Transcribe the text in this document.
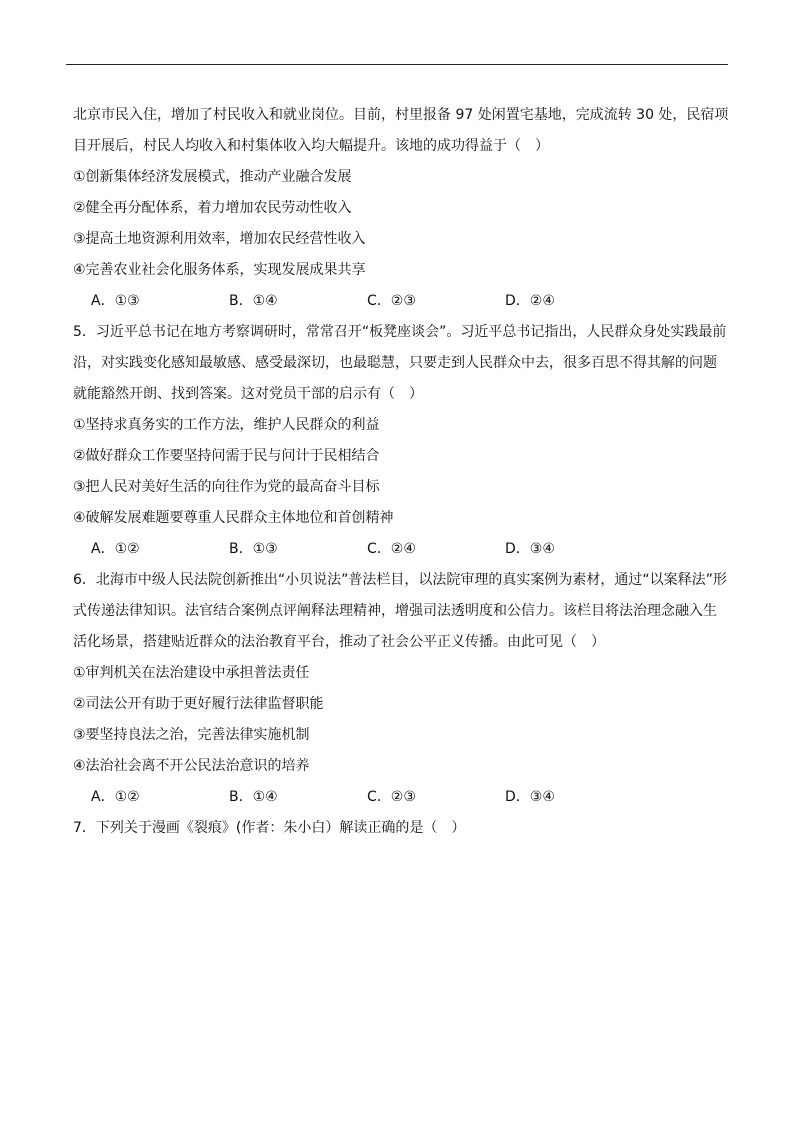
北京市民入住，增加了村民收入和就业岗位。目前，村里报备 97 处闲置宅基地，完成流转 30 处，民宿项
目开展后，村民人均收入和村集体收入均大幅提升。该地的成功得益于（　）
①创新集体经济发展模式，推动产业融合发展
②健全再分配体系，着力增加农民劳动性收入
③提高土地资源利用效率，增加农民经营性收入
④完善农业社会化服务体系，实现发展成果共享
A．①③	B．①④	C．②③	D．②④
5．习近平总书记在地方考察调研时，常常召开“板凳座谈会”。习近平总书记指出，人民群众身处实践最前
沿，对实践变化感知最敏感、感受最深切，也最聪慧，只要走到人民群众中去，很多百思不得其解的问题
就能豁然开朗、找到答案。这对党员干部的启示有（　）
①坚持求真务实的工作方法，维护人民群众的利益
②做好群众工作要坚持问需于民与问计于民相结合
③把人民对美好生活的向往作为党的最高奋斗目标
④破解发展难题要尊重人民群众主体地位和首创精神
A．①②	B．①③	C．②④	D．③④
6．北海市中级人民法院创新推出“小贝说法”普法栏目，以法院审理的真实案例为素材，通过“以案释法”形
式传递法律知识。法官结合案例点评阐释法理精神，增强司法透明度和公信力。该栏目将法治理念融入生
活化场景，搭建贴近群众的法治教育平台，推动了社会公平正义传播。由此可见（　）
①审判机关在法治建设中承担普法责任
②司法公开有助于更好履行法律监督职能
③要坚持良法之治，完善法律实施机制
④法治社会离不开公民法治意识的培养
A．①②	B．①④	C．②③	D．③④
7．下列关于漫画《裂痕》(作者：朱小白）解读正确的是（　）
